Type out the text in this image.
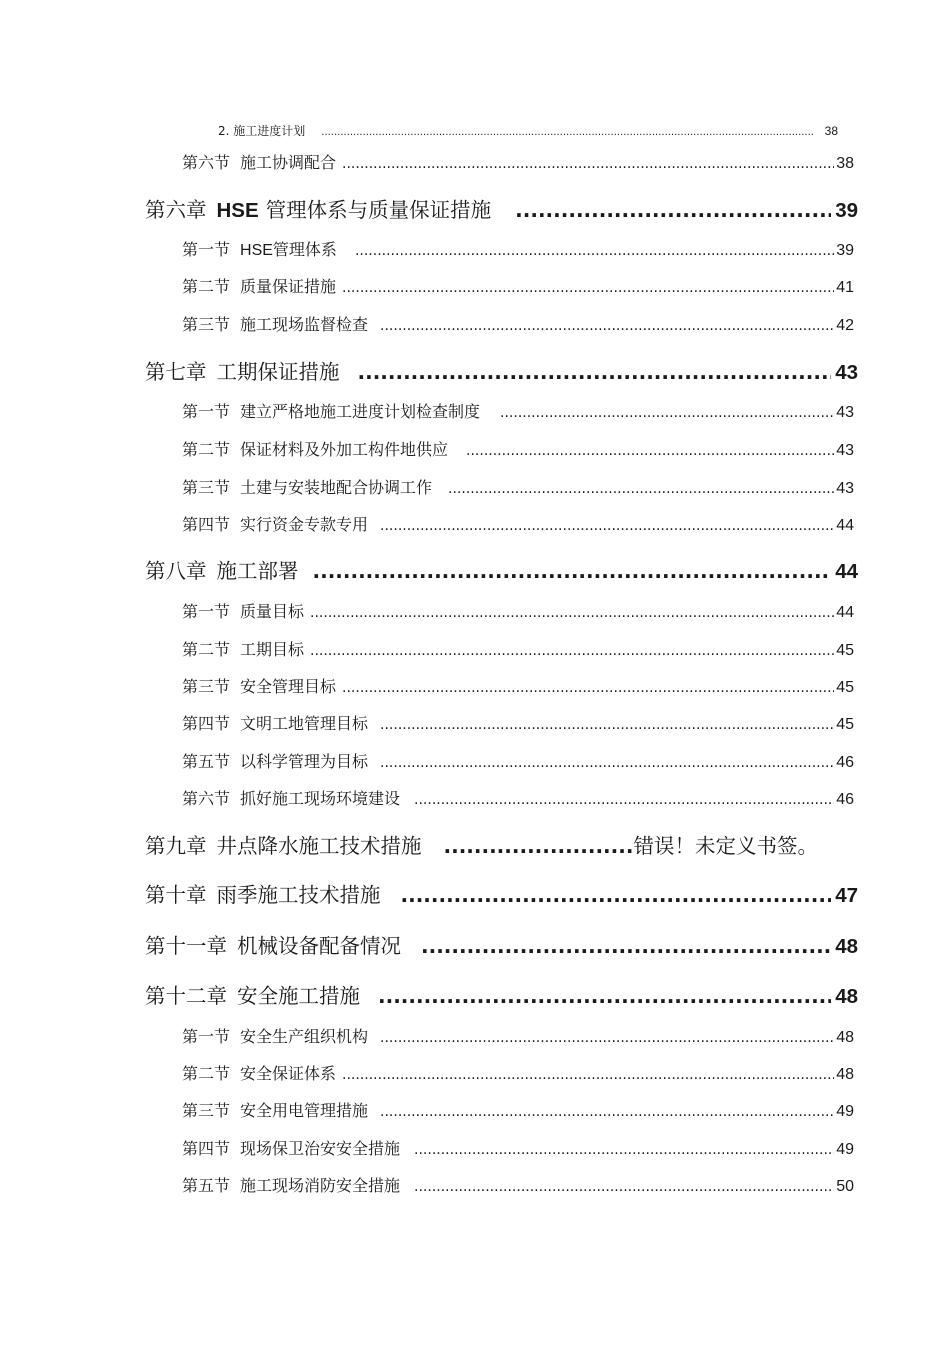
2. 施工进度计划 .....	38
第六节 施工协调配合 .....	38
第六章 HSE 管理体系与质量保证措施 .....	39
第一节 HSE 管理体系 .....	39
第二节 质量保证措施 .....	41
第三节 施工现场监督检查 .....	42
第七章 工期保证措施 .....	43
第一节 建立严格地施工进度计划检查制度 .....	43
第二节 保证材料及外加工构件地供应 .....	43
第三节 土建与安装地配合协调工作 .....	43
第四节 实行资金专款专用 .....	44
第八章 施工部署 .....	44
第一节 质量目标 .....	44
第二节 工期目标 .....	45
第三节 安全管理目标 .....	45
第四节 文明工地管理目标 .....	45
第五节 以科学管理为目标 .....	46
第六节 抓好施工现场环境建设 .....	46
第九章 井点降水施工技术措施 .....	错误！未定义书签。
第十章 雨季施工技术措施 .....	47
第十一章 机械设备配备情况 .....	48
第十二章 安全施工措施 .....	48
第一节 安全生产组织机构 .....	48
第二节 安全保证体系 .....	48
第三节 安全用电管理措施 .....	49
第四节 现场保卫治安安全措施 .....	49
第五节 施工现场消防安全措施 .....	50
